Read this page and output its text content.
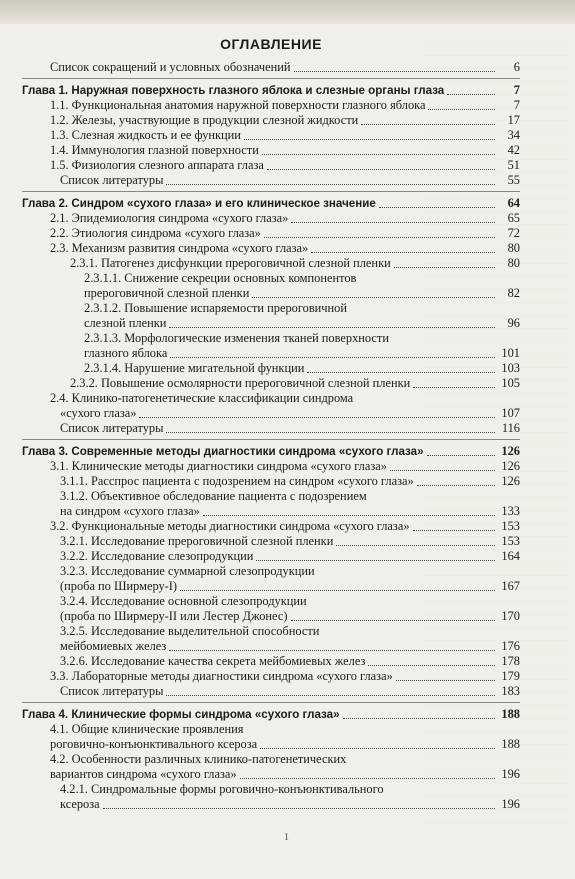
ОГЛАВЛЕНИЕ
Список сокращений и условных обозначений	6
Глава 1. Наружная поверхность глазного яблока и слезные органы глаза	7
1.1. Функциональная анатомия наружной поверхности глазного яблока	7
1.2. Железы, участвующие в продукции слезной жидкости	17
1.3. Слезная жидкость и ее функции	34
1.4. Иммунология глазной поверхности	42
1.5. Физиология слезного аппарата глаза	51
Список литературы	55
Глава 2. Синдром «сухого глаза» и его клиническое значение	64
2.1. Эпидемиология синдрома «сухого глаза»	65
2.2. Этиология синдрома «сухого глаза»	72
2.3. Механизм развития синдрома «сухого глаза»	80
2.3.1. Патогенез дисфункции прероговичной слезной пленки	80
2.3.1.1. Снижение секреции основных компонентов
прероговичной слезной пленки	82
2.3.1.2. Повышение испаряемости прероговичной
слезной пленки	96
2.3.1.3. Морфологические изменения тканей поверхности
глазного яблока	101
2.3.1.4. Нарушение мигательной функции	103
2.3.2. Повышение осмолярности прероговичной слезной пленки	105
2.4. Клинико-патогенетические классификации синдрома
«сухого глаза»	107
Список литературы	116
Глава 3. Современные методы диагностики синдрома «сухого глаза»	126
3.1. Клинические методы диагностики синдрома «сухого глаза»	126
3.1.1. Расспрос пациента с подозрением на синдром «сухого глаза»	126
3.1.2. Объективное обследование пациента с подозрением
на синдром «сухого глаза»	133
3.2. Функциональные методы диагностики синдрома «сухого глаза»	153
3.2.1. Исследование прероговичной слезной пленки	153
3.2.2. Исследование слезопродукции	164
3.2.3. Исследование суммарной слезопродукции
(проба по Ширмеру-I)	167
3.2.4. Исследование основной слезопродукции
(проба по Ширмеру-II или Лестер Джонес)	170
3.2.5. Исследование выделительной способности
мейбомиевых желез	176
3.2.6. Исследование качества секрета мейбомиевых желез	178
3.3. Лабораторные методы диагностики синдрома «сухого глаза»	179
Список литературы	183
Глава 4. Клинические формы синдрома «сухого глаза»	188
4.1. Общие клинические проявления
роговично-конъюнктивального ксероза	188
4.2. Особенности различных клинико-патогенетических
вариантов синдрома «сухого глаза»	196
4.2.1. Синдромальные формы роговично-конъюнктивального
ксероза	196
1
